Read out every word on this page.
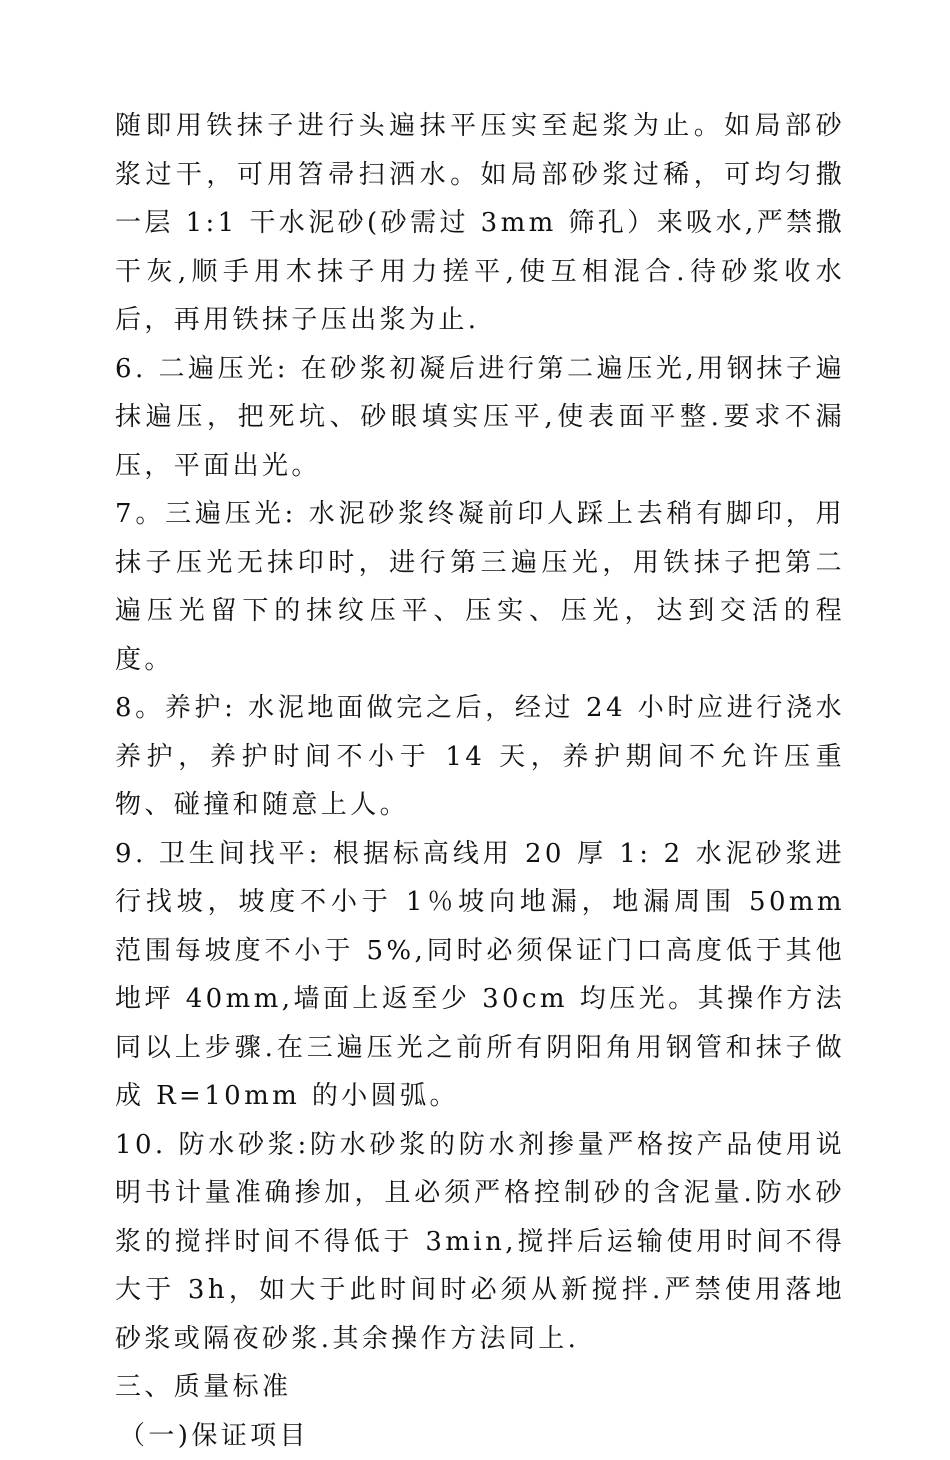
随即用铁抹子进行头遍抹平压实至起浆为止。如局部砂浆过干，可用笤帚扫洒水。如局部砂浆过稀，可均匀撒一层 1:1 干水泥砂(砂需过 3mm 筛孔）来吸水,严禁撒干灰,顺手用木抹子用力搓平,使互相混合.待砂浆收水后，再用铁抹子压出浆为止.

6. 二遍压光: 在砂浆初凝后进行第二遍压光,用钢抹子遍抹遍压，把死坑、砂眼填实压平,使表面平整.要求不漏压，平面出光。

7。三遍压光: 水泥砂浆终凝前印人踩上去稍有脚印，用抹子压光无抹印时，进行第三遍压光，用铁抹子把第二遍压光留下的抹纹压平、压实、压光，达到交活的程度。

8。养护: 水泥地面做完之后，经过 24 小时应进行浇水养护，养护时间不小于 14 天，养护期间不允许压重物、碰撞和随意上人。

9. 卫生间找平: 根据标高线用 20 厚 1: 2 水泥砂浆进行找坡，坡度不小于 1％坡向地漏，地漏周围 50mm 范围每坡度不小于 5%,同时必须保证门口高度低于其他地坪 40mm,墙面上返至少 30cm 均压光。其操作方法同以上步骤.在三遍压光之前所有阴阳角用钢管和抹子做成 R=10mm 的小圆弧。

10. 防水砂浆:防水砂浆的防水剂掺量严格按产品使用说明书计量准确掺加，且必须严格控制砂的含泥量.防水砂浆的搅拌时间不得低于 3min,搅拌后运输使用时间不得大于 3h，如大于此时间时必须从新搅拌.严禁使用落地砂浆或隔夜砂浆.其余操作方法同上.

三、质量标准

（一)保证项目
